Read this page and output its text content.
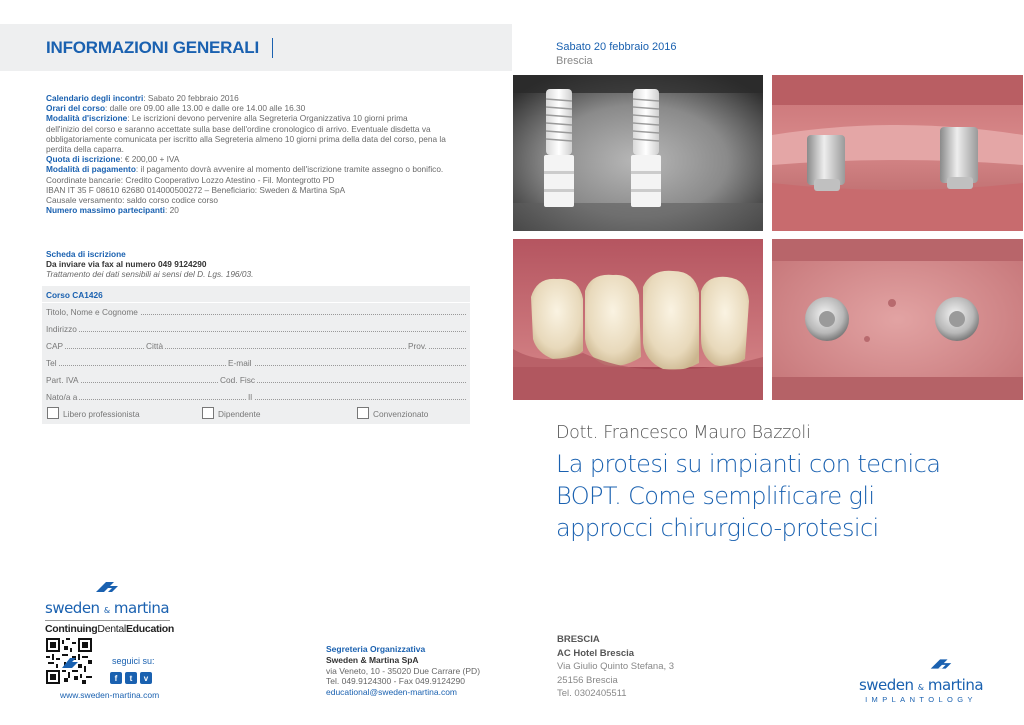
INFORMAZIONI GENERALI

Calendario degli incontri: Sabato 20 febbraio 2016

Orari del corso: dalle ore 09.00 alle 13.00 e dalle ore 14.00 alle 16.30

Modalità d'iscrizione: Le iscrizioni devono pervenire alla Segreteria Organizzativa 10 giorni prima

dell'inizio del corso e saranno accettate sulla base dell'ordine cronologico di arrivo. Eventuale disdetta va

obbligatoriamente comunicata per iscritto alla Segreteria almeno 10 giorni prima della data del corso, pena la

perdita della caparra.

Quota di iscrizione: € 200,00 + IVA

Modalità di pagamento: il pagamento dovrà avvenire al momento dell'iscrizione tramite assegno o bonifico.

Coordinate bancarie: Credito Cooperativo Lozzo Atestino - Fil. Montegrotto PD

IBAN IT 35 F 08610 62680 014000500272 – Beneficiario: Sweden & Martina SpA

Causale versamento: saldo corso codice corso

Numero massimo partecipanti: 20

Scheda di iscrizione
Da inviare via fax al numero 049 9124290
Trattamento dei dati sensibili ai sensi del D. Lgs. 196/03.
Corso CA1426
Titolo, Nome e Cognome
Indirizzo
CAP	Città	Prov.
Tel	E-mail
Part. IVA	Cod. Fisc
Nato/a a	Il
Libero professionista	Dipendente	Convenzionato
sweden & martina
ContinuingDentalEducation
seguici su:
f	t	v
www.sweden-martina.com
Segreteria Organizzativa
Sweden & Martina SpA
via Veneto, 10 - 35020 Due Carrare (PD)
Tel. 049.9124300 - Fax 049.9124290
educational@sweden-martina.com
Sabato 20 febbraio 2016
Brescia
Dott. Francesco Mauro Bazzoli
La protesi su impianti con tecnica
BOPT. Come semplificare gli
approcci chirurgico-protesici
BRESCIA
AC Hotel Brescia
Via Giulio Quinto Stefana, 3
25156 Brescia
Tel. 0302405511	sweden & martina
IMPLANTOLOGY
